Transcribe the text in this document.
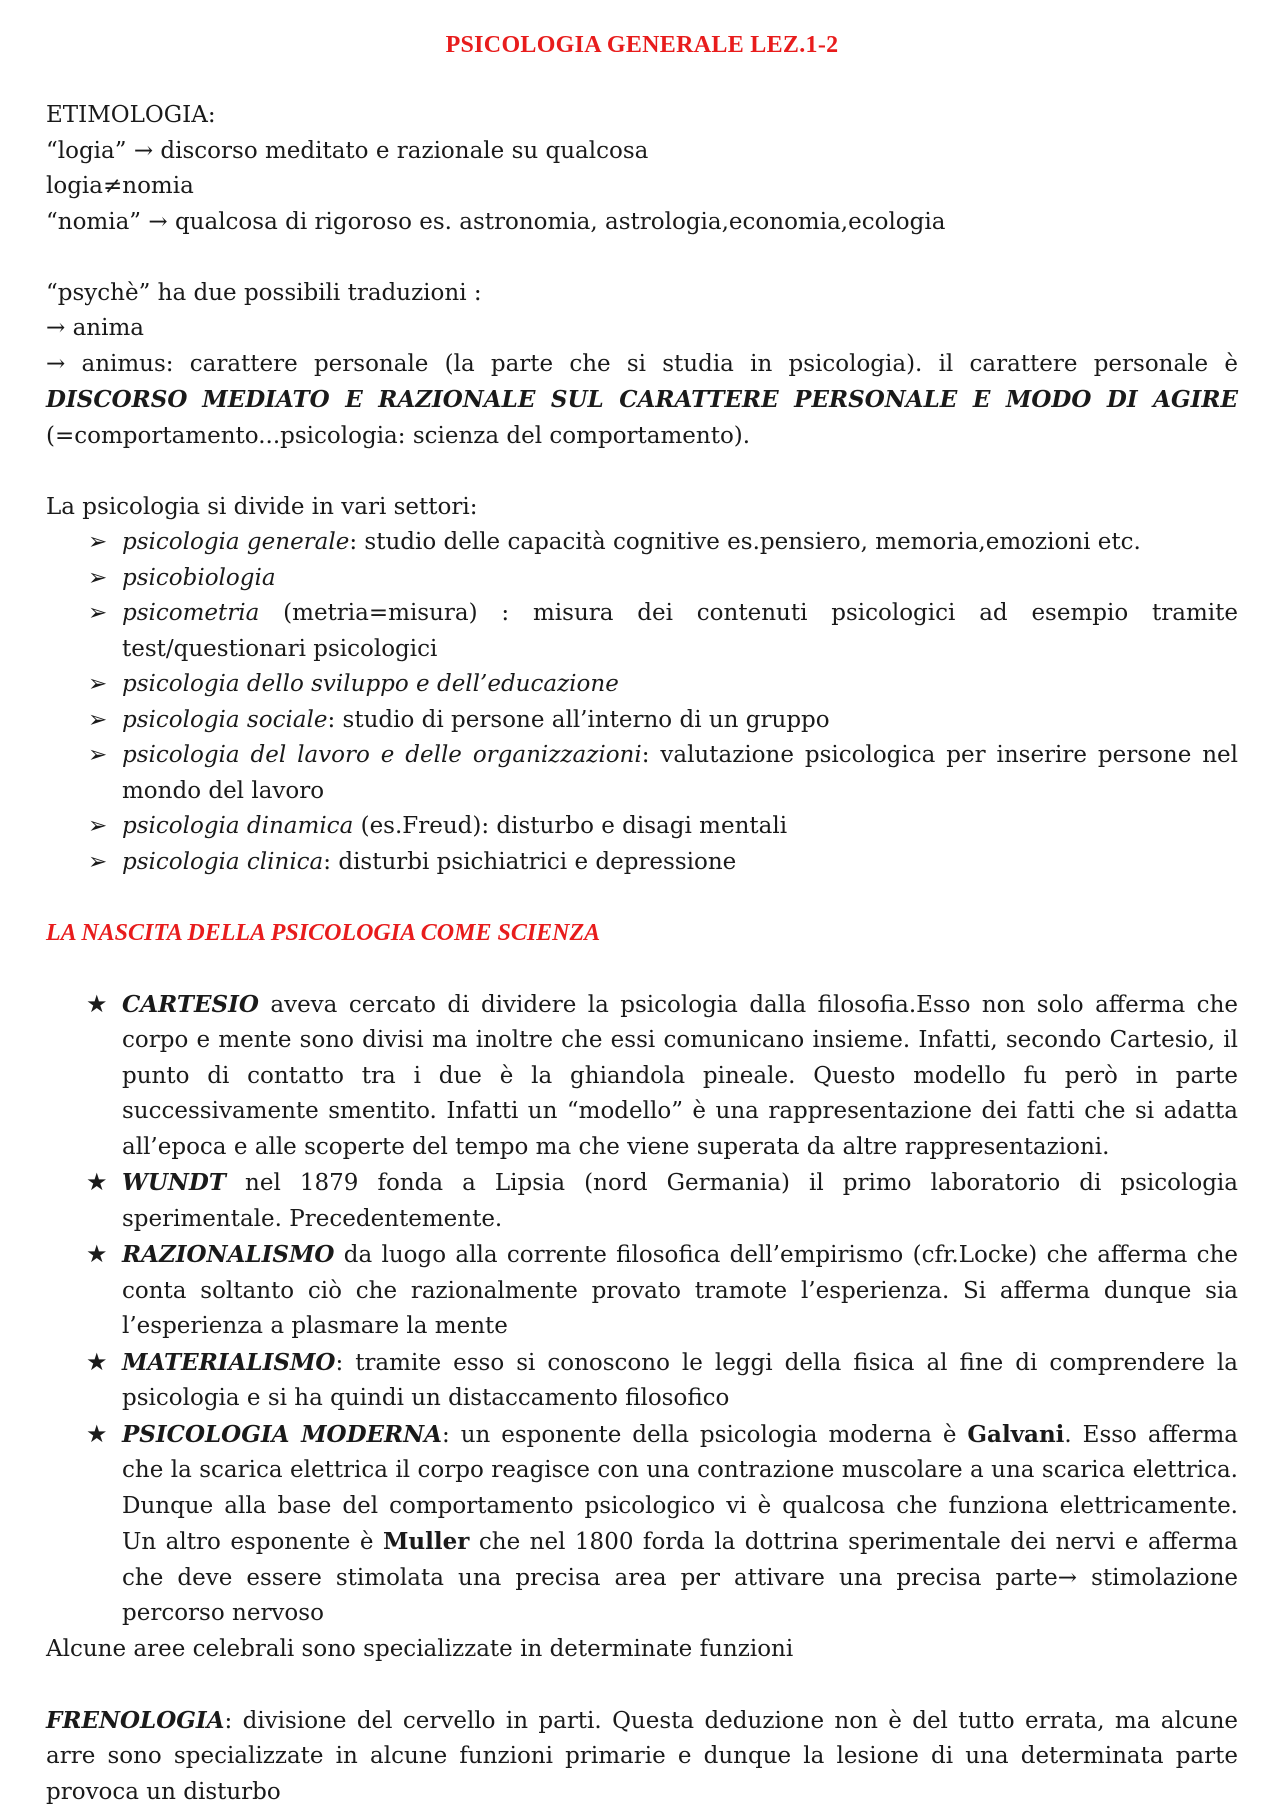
PSICOLOGIA GENERALE LEZ.1-2

ETIMOLOGIA:

“logia” → discorso meditato e razionale su qualcosa

logia≠nomia

“nomia” → qualcosa di rigoroso es. astronomia, astrologia,economia,ecologia

“psychè” ha due possibili traduzioni :

→ anima

→ animus: carattere personale (la parte che si studia in psicologia). il carattere personale è DISCORSO MEDIATO E RAZIONALE SUL CARATTERE PERSONALE E MODO DI AGIRE

(=comportamento...psicologia: scienza del comportamento).

La psicologia si divide in vari settori:

➢ psicologia generale: studio delle capacità cognitive es.pensiero, memoria,emozioni etc.
➢ psicobiologia
➢ psicometria (metria=misura) : misura dei contenuti psicologici ad esempio tramite test/questionari psicologici
➢ psicologia dello sviluppo e dell’educazione
➢ psicologia sociale: studio di persone all’interno di un gruppo
➢ psicologia del lavoro e delle organizzazioni: valutazione psicologica per inserire persone nel mondo del lavoro
➢ psicologia dinamica (es.Freud): disturbo e disagi mentali
➢ psicologia clinica: disturbi psichiatrici e depressione

LA NASCITA DELLA PSICOLOGIA COME SCIENZA

★ CARTESIO aveva cercato di dividere la psicologia dalla filosofia.Esso non solo afferma che corpo e mente sono divisi ma inoltre che essi comunicano insieme. Infatti, secondo Cartesio, il punto di contatto tra i due è la ghiandola pineale. Questo modello fu però in parte successivamente smentito. Infatti un “modello” è una rappresentazione dei fatti che si adatta all’epoca e alle scoperte del tempo ma che viene superata da altre rappresentazioni.
★ WUNDT nel 1879 fonda a Lipsia (nord Germania) il primo laboratorio di psicologia sperimentale. Precedentemente.
★ RAZIONALISMO da luogo alla corrente filosofica dell’empirismo (cfr.Locke) che afferma che conta soltanto ciò che razionalmente provato tramote l’esperienza. Si afferma dunque sia l’esperienza a plasmare la mente
★ MATERIALISMO: tramite esso si conoscono le leggi della fisica al fine di comprendere la psicologia e si ha quindi un distaccamento filosofico
★ PSICOLOGIA MODERNA: un esponente della psicologia moderna è Galvani. Esso afferma che la scarica elettrica il corpo reagisce con una contrazione muscolare a una scarica elettrica. Dunque alla base del comportamento psicologico vi è qualcosa che funziona elettricamente. Un altro esponente è Muller che nel 1800 forda la dottrina sperimentale dei nervi e afferma che deve essere stimolata una precisa area per attivare una precisa parte→ stimolazione percorso nervoso

Alcune aree celebrali sono specializzate in determinate funzioni

FRENOLOGIA: divisione del cervello in parti. Questa deduzione non è del tutto errata, ma alcune arre sono specializzate in alcune funzioni primarie e dunque la lesione di una determinata parte provoca un disturbo
